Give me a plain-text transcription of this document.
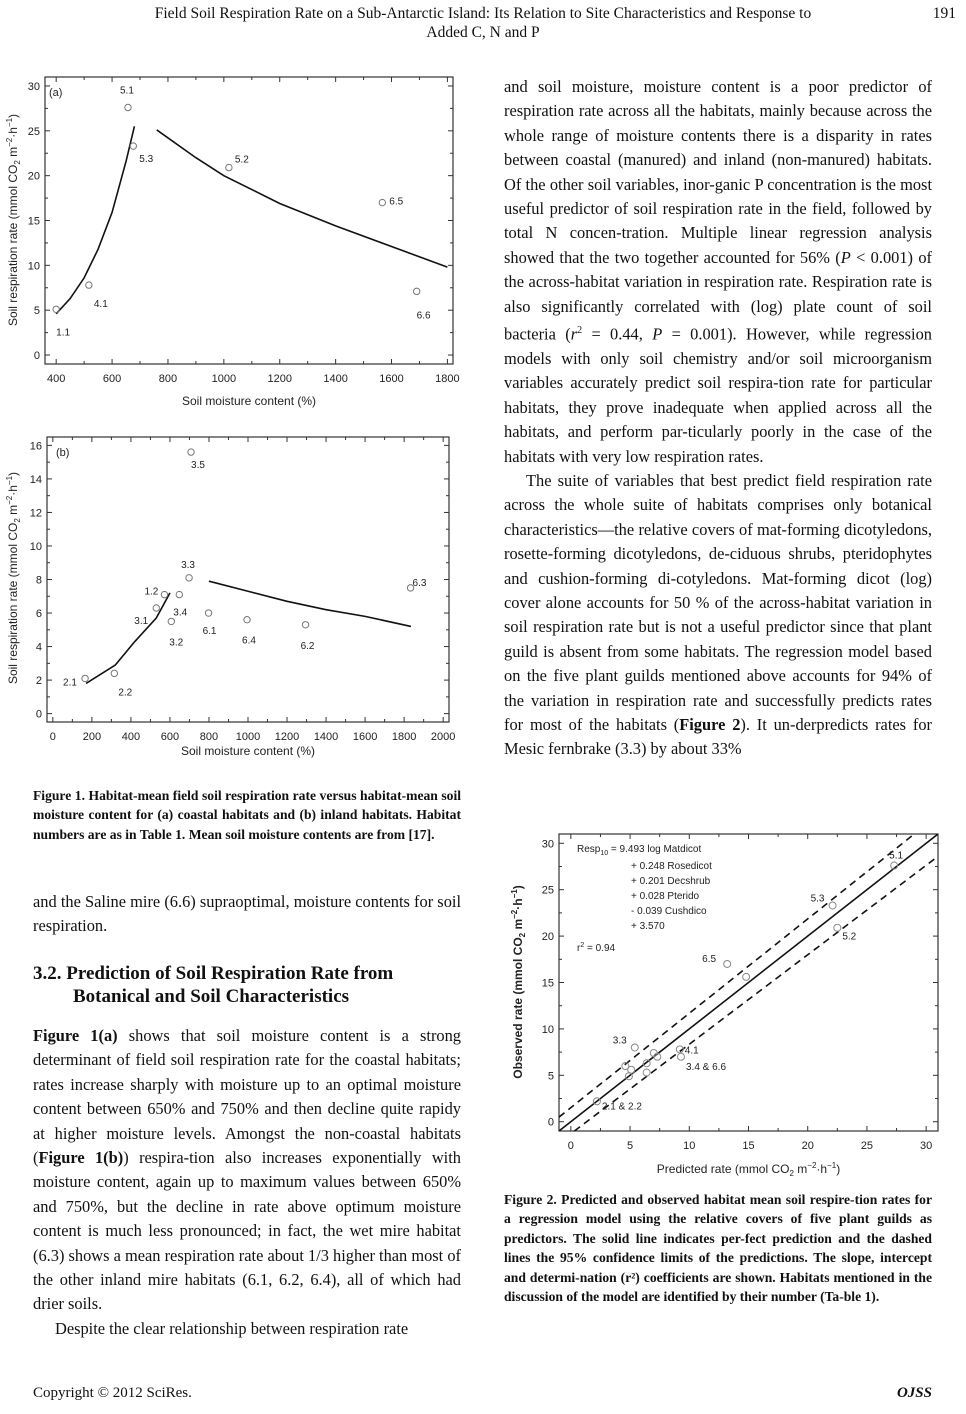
Field Soil Respiration Rate on a Sub-Antarctic Island: Its Relation to Site Characteristics and Response to
Added C, N and P
191
400	600	800	1000	1200	1400	1600	1800
0
5
10
15
20
25
30
1.1
4.1
5.1
5.3	5.2
6.5
6.6
(a)
Soil moisture content (%)
Soil respiration rate (mmol $CO_2$ $m^{-2}\cdot h^{-1}$)
0 200 400 600 800 1000 1200 1400 1600 1800 2000
0
2
4
6
8
10
12
14
16
2.1
2.2
3.1
1.2
3.2
3.4
3.3
3.5
6.1
6.4	6.2
6.3
(b)
Soil moisture content (%)
Soil respiration rate (mmol $CO_2$ $m^{-2}\cdot h^{-1}$)
Figure 1. Habitat-mean field soil respiration rate versus habitat-mean soil moisture content for (a) coastal habitats and (b) inland habitats. Habitat numbers are as in Table 1. Mean soil moisture contents are from [17].

and the Saline mire (6.6) supraoptimal, moisture contents for soil respiration.

3.2. Prediction of Soil Respiration Rate from
Botanical and Soil Characteristics

Figure 1(a) shows that soil moisture content is a strong determinant of field soil respiration rate for the coastal habitats; rates increase sharply with moisture up to an optimal moisture content between 650% and 750% and then decline quite rapidy at higher moisture levels. Amongst the non-coastal habitats (Figure 1(b)) respira-tion also increases exponentially with moisture content, again up to maximum values between 650% and 750%, but the decline in rate above optimum moisture content is much less pronounced; in fact, the wet mire habitat (6.3) shows a mean respiration rate about 1/3 higher than most of the other inland mire habitats (6.1, 6.2, 6.4), all of which had drier soils.

Despite the clear relationship between respiration rate

and soil moisture, moisture content is a poor predictor of respiration rate across all the habitats, mainly because across the whole range of moisture contents there is a disparity in rates between coastal (manured) and inland (non-manured) habitats. Of the other soil variables, inor-ganic P concentration is the most useful predictor of soil respiration rate in the field, followed by total N concen-tration. Multiple linear regression analysis showed that the two together accounted for 56% (P < 0.001) of the across-habitat variation in respiration rate. Respiration rate is also significantly correlated with (log) plate count of soil bacteria ($r^2 = 0.44$, P = 0.001). However, while regression models with only soil chemistry and/or soil microorganism variables accurately predict soil respira-tion rate for particular habitats, they prove inadequate when applied across all the habitats, and perform par-ticularly poorly in the case of the habitats with very low respiration rates.

The suite of variables that best predict field respiration rate across the whole suite of habitats comprises only botanical characteristics—the relative covers of mat-forming dicotyledons, rosette-forming dicotyledons, de-ciduous shrubs, pteridophytes and cushion-forming di-cotyledons. Mat-forming dicot (log) cover alone accounts for 50 % of the across-habitat variation in soil respiration rate but is not a useful predictor since that plant guild is absent from some habitats. The regression model based on the five plant guilds mentioned above accounts for 94% of the variation in respiration rate and successfully predicts rates for most of the habitats (Figure 2). It un-derpredicts rates for Mesic fernbrake (3.3) by about 33%

0	5	10	15	20	25	30
0
5
10
15
20
25
30
2.1 & 2.2
3.3
4.1
3.4 & 6.6
6.5
5.3
5.2
5.1
Resp$_{10}$ = 9.493 log Matdicot
+ 0.248 Rosedicot
+ 0.201 Decshrub
+ 0.028 Pterido
- 0.039 Cushdico
+ 3.570
$r^2 = 0.94$
Predicted rate (mmol $CO_2$ $m^{-2}\cdot h^{-1}$)
Observed rate (mmol $CO_2$ $m^{-2}\cdot h^{-1}$)
Figure 2. Predicted and observed habitat mean soil respire-tion rates for a regression model using the relative covers of five plant guilds as predictors. The solid line indicates per-fect prediction and the dashed lines the 95% confidence limits of the predictions. The slope, intercept and determi-nation (r²) coefficients are shown. Habitats mentioned in the discussion of the model are identified by their number (Ta-ble 1).
Copyright © 2012 SciRes.	OJSS
